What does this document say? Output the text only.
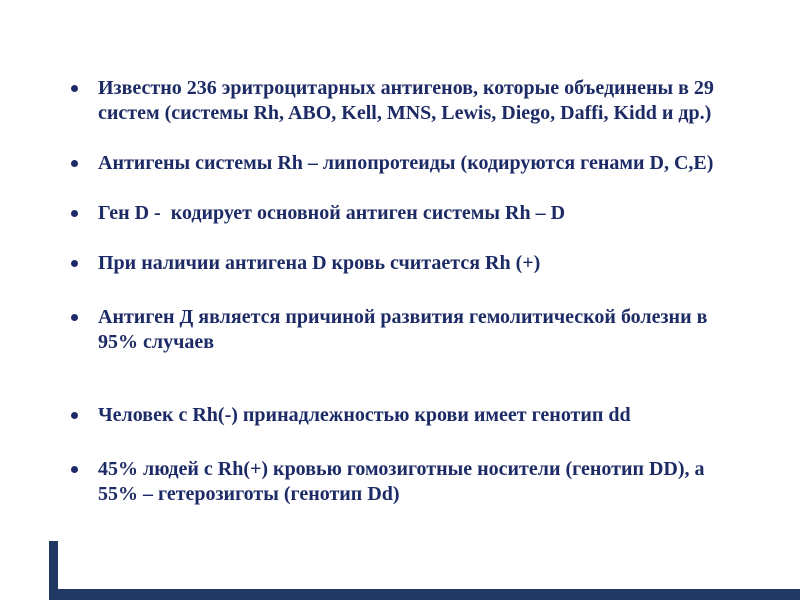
Известно 236 эритроцитарных антигенов, которые объединены в 29 систем (системы Rh, ABO, Kell, MNS, Lewis, Diego, Daffi, Kidd и др.)
Антигены системы Rh – липопротеиды (кодируются генами D, С,Е)
Ген D -  кодирует основной антиген системы Rh – D
При наличии антигена D кровь считается Rh (+)
Антиген Д является причиной развития гемолитической болезни в 95% случаев
Человек с Rh(-) принадлежностью крови имеет генотип dd
45% людей с Rh(+) кровью гомозиготные носители (генотип DD), а 55% – гетерозиготы (генотип Dd)
